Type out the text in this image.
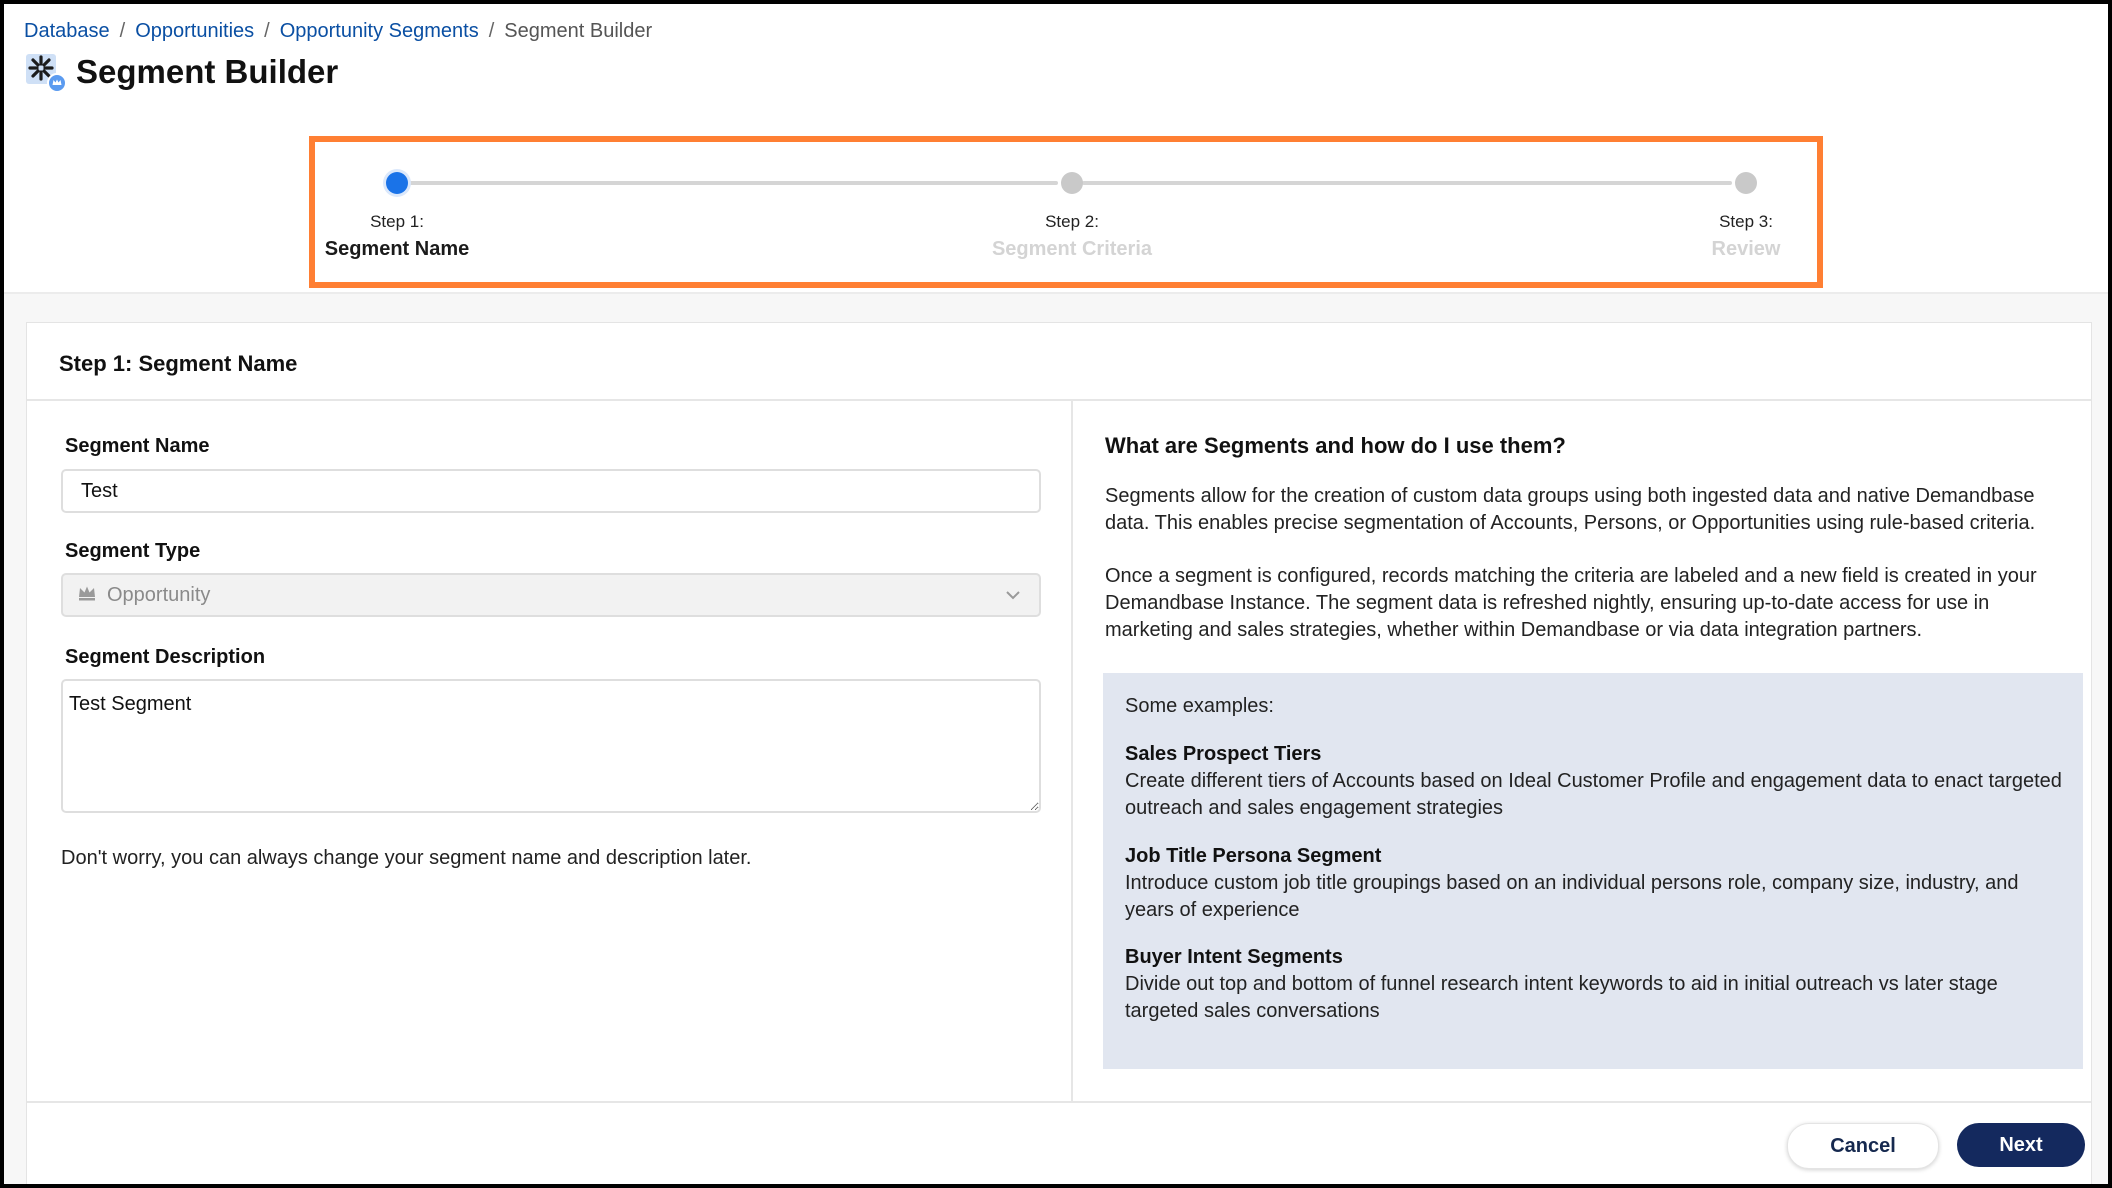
Database / Opportunities / Opportunity Segments / Segment Builder
Segment Builder
Step 1:
Segment Name
Step 2:
Segment Criteria
Step 3:
Review
Step 1: Segment Name
Segment Name
Test
Segment Type
Opportunity
Segment Description
Test Segment
Don't worry, you can always change your segment name and description later.
What are Segments and how do I use them?
Segments allow for the creation of custom data groups using both ingested data and native Demandbase data. This enables precise segmentation of Accounts, Persons, or Opportunities using rule-based criteria.
Once a segment is configured, records matching the criteria are labeled and a new field is created in your Demandbase Instance. The segment data is refreshed nightly, ensuring up-to-date access for use in marketing and sales strategies, whether within Demandbase or via data integration partners.
Some examples:
Sales Prospect Tiers
Create different tiers of Accounts based on Ideal Customer Profile and engagement data to enact targeted outreach and sales engagement strategies
Job Title Persona Segment
Introduce custom job title groupings based on an individual persons role, company size, industry, and years of experience
Buyer Intent Segments
Divide out top and bottom of funnel research intent keywords to aid in initial outreach vs later stage targeted sales conversations
Cancel	Next
